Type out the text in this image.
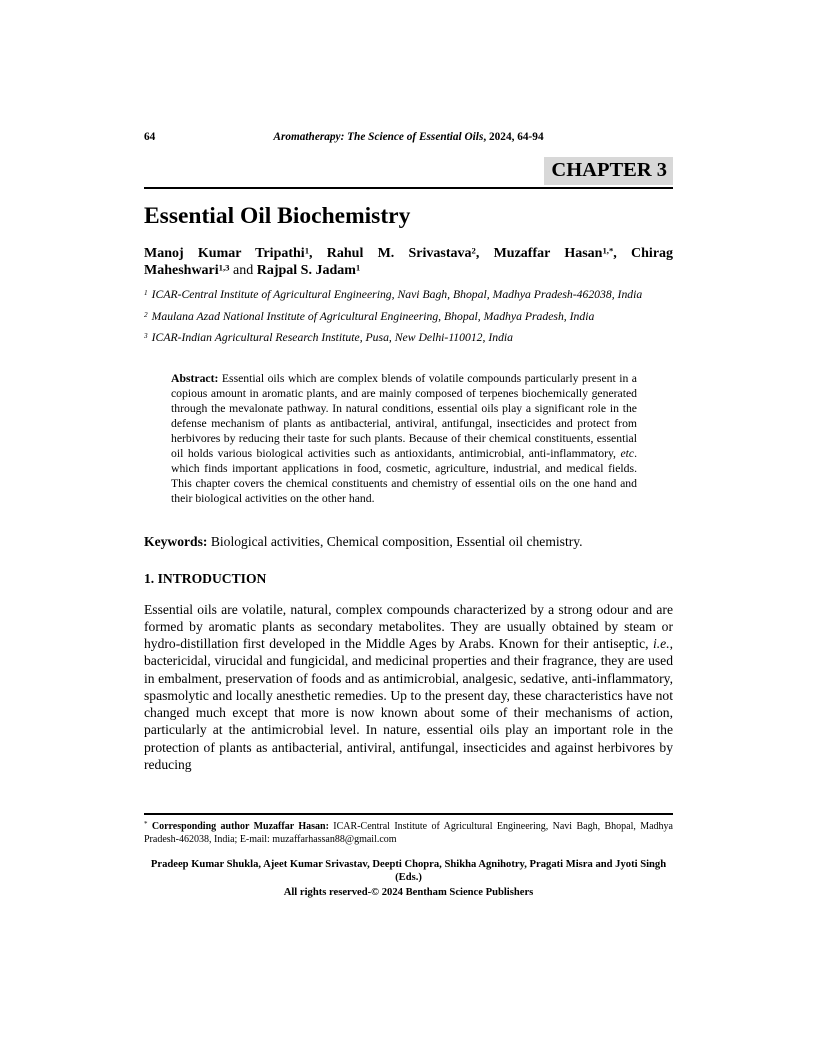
64	Aromatherapy: The Science of Essential Oils, 2024, 64-94
CHAPTER 3
Essential Oil Biochemistry

Manoj Kumar Tripathi$^1$, Rahul M. Srivastava$^2$, Muzaffar Hasan$^{1,*}$, Chirag Maheshwari$^{1,3}$ and Rajpal S. Jadam$^1$

$^1$ ICAR-Central Institute of Agricultural Engineering, Navi Bagh, Bhopal, Madhya Pradesh-462038, India

$^2$ Maulana Azad National Institute of Agricultural Engineering, Bhopal, Madhya Pradesh, India

$^3$ ICAR-Indian Agricultural Research Institute, Pusa, New Delhi-110012, India

Abstract: Essential oils which are complex blends of volatile compounds particularly present in a copious amount in aromatic plants, and are mainly composed of terpenes biochemically generated through the mevalonate pathway. In natural conditions, essential oils play a significant role in the defense mechanism of plants as antibacterial, antiviral, antifungal, insecticides and protect from herbivores by reducing their taste for such plants. Because of their chemical constituents, essential oil holds various biological activities such as antioxidants, antimicrobial, anti-inflammatory, etc. which finds important applications in food, cosmetic, agriculture, industrial, and medical fields. This chapter covers the chemical constituents and chemistry of essential oils on the one hand and their biological activities on the other hand.

Keywords: Biological activities, Chemical composition, Essential oil chemistry.

1. INTRODUCTION

Essential oils are volatile, natural, complex compounds characterized by a strong odour and are formed by aromatic plants as secondary metabolites. They are usually obtained by steam or hydro-distillation first developed in the Middle Ages by Arabs. Known for their antiseptic, i.e., bactericidal, virucidal and fungicidal, and medicinal properties and their fragrance, they are used in embalment, preservation of foods and as antimicrobial, analgesic, sedative, anti-inflammatory, spasmolytic and locally anesthetic remedies. Up to the present day, these characteristics have not changed much except that more is now known about some of their mechanisms of action, particularly at the antimicrobial level. In nature, essential oils play an important role in the protection of plants as antibacterial, antiviral, antifungal, insecticides and against herbivores by reducing

* Corresponding author Muzaffar Hasan: ICAR-Central Institute of Agricultural Engineering, Navi Bagh, Bhopal, Madhya Pradesh-462038, India; E-mail: muzaffarhassan88@gmail.com

Pradeep Kumar Shukla, Ajeet Kumar Srivastav, Deepti Chopra, Shikha Agnihotry, Pragati Misra and Jyoti Singh (Eds.)

All rights reserved-© 2024 Bentham Science Publishers
